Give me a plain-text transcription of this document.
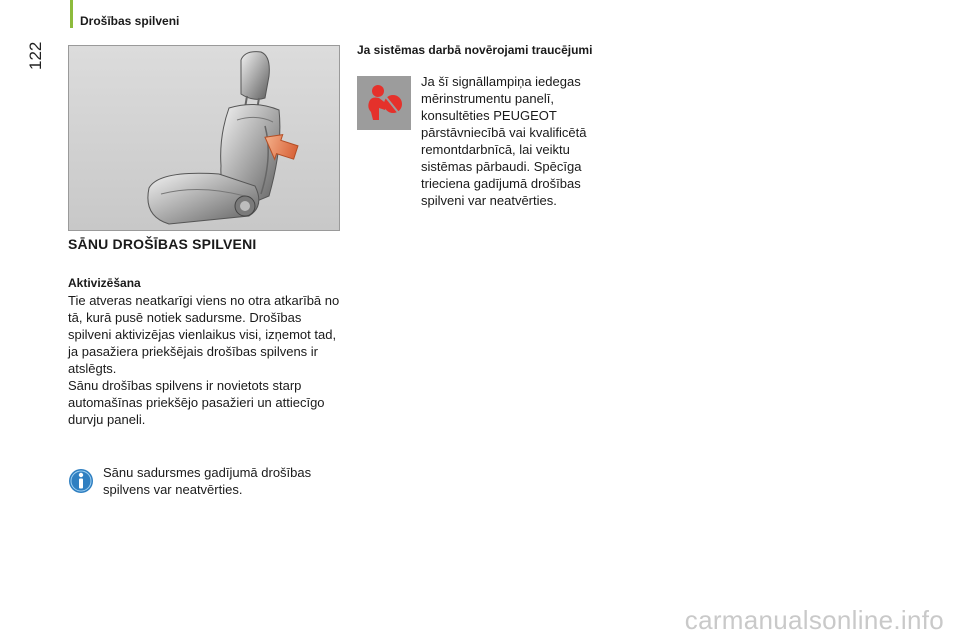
122
Drošības spilveni
SĀNU DROŠĪBAS SPILVENI
Aktivizēšana
Tie atveras neatkarīgi viens no otra atkarībā no tā, kurā pusē notiek sadursme. Drošības spilveni aktivizējas vienlaikus visi, izņemot tad, ja pasažiera priekšējais drošības spilvens ir atslēgts.
Sānu drošības spilvens ir novietots starp automašīnas priekšējo pasažieri un attiecīgo durvju paneli.
Sānu sadursmes gadījumā drošības spilvens var neatvērties.
Ja sistēmas darbā novērojami traucējumi
Ja šī signāllampiņa iedegas mērinstrumentu panelī, konsultēties PEUGEOT pārstāvniecībā vai kvalificētā remontdarbnīcā, lai veiktu sistēmas pārbaudi. Spēcīga trieciena gadījumā drošības spilveni var neatvērties.
carmanualsonline.info
